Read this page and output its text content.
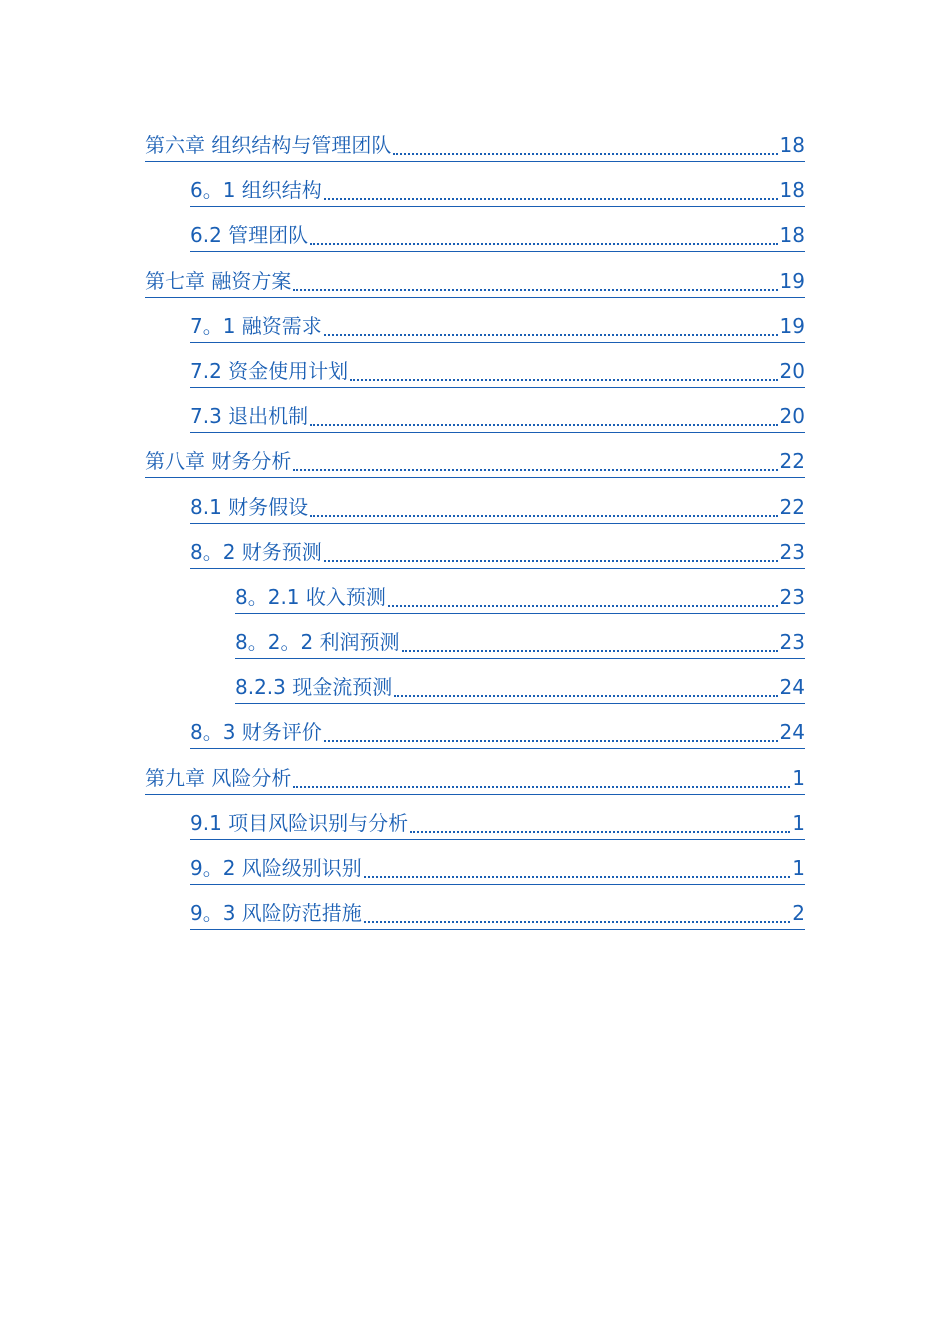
第六章 组织结构与管理团队	18
6。1 组织结构	18
6.2 管理团队	18
第七章 融资方案	19
7。1 融资需求	19
7.2 资金使用计划	20
7.3 退出机制	20
第八章 财务分析	22
8.1 财务假设	22
8。2 财务预测	23
8。2.1 收入预测	23
8。2。2 利润预测	23
8.2.3 现金流预测	24
8。3 财务评价	24
第九章 风险分析	1
9.1 项目风险识别与分析	1
9。2 风险级别识别	1
9。3 风险防范措施	2
